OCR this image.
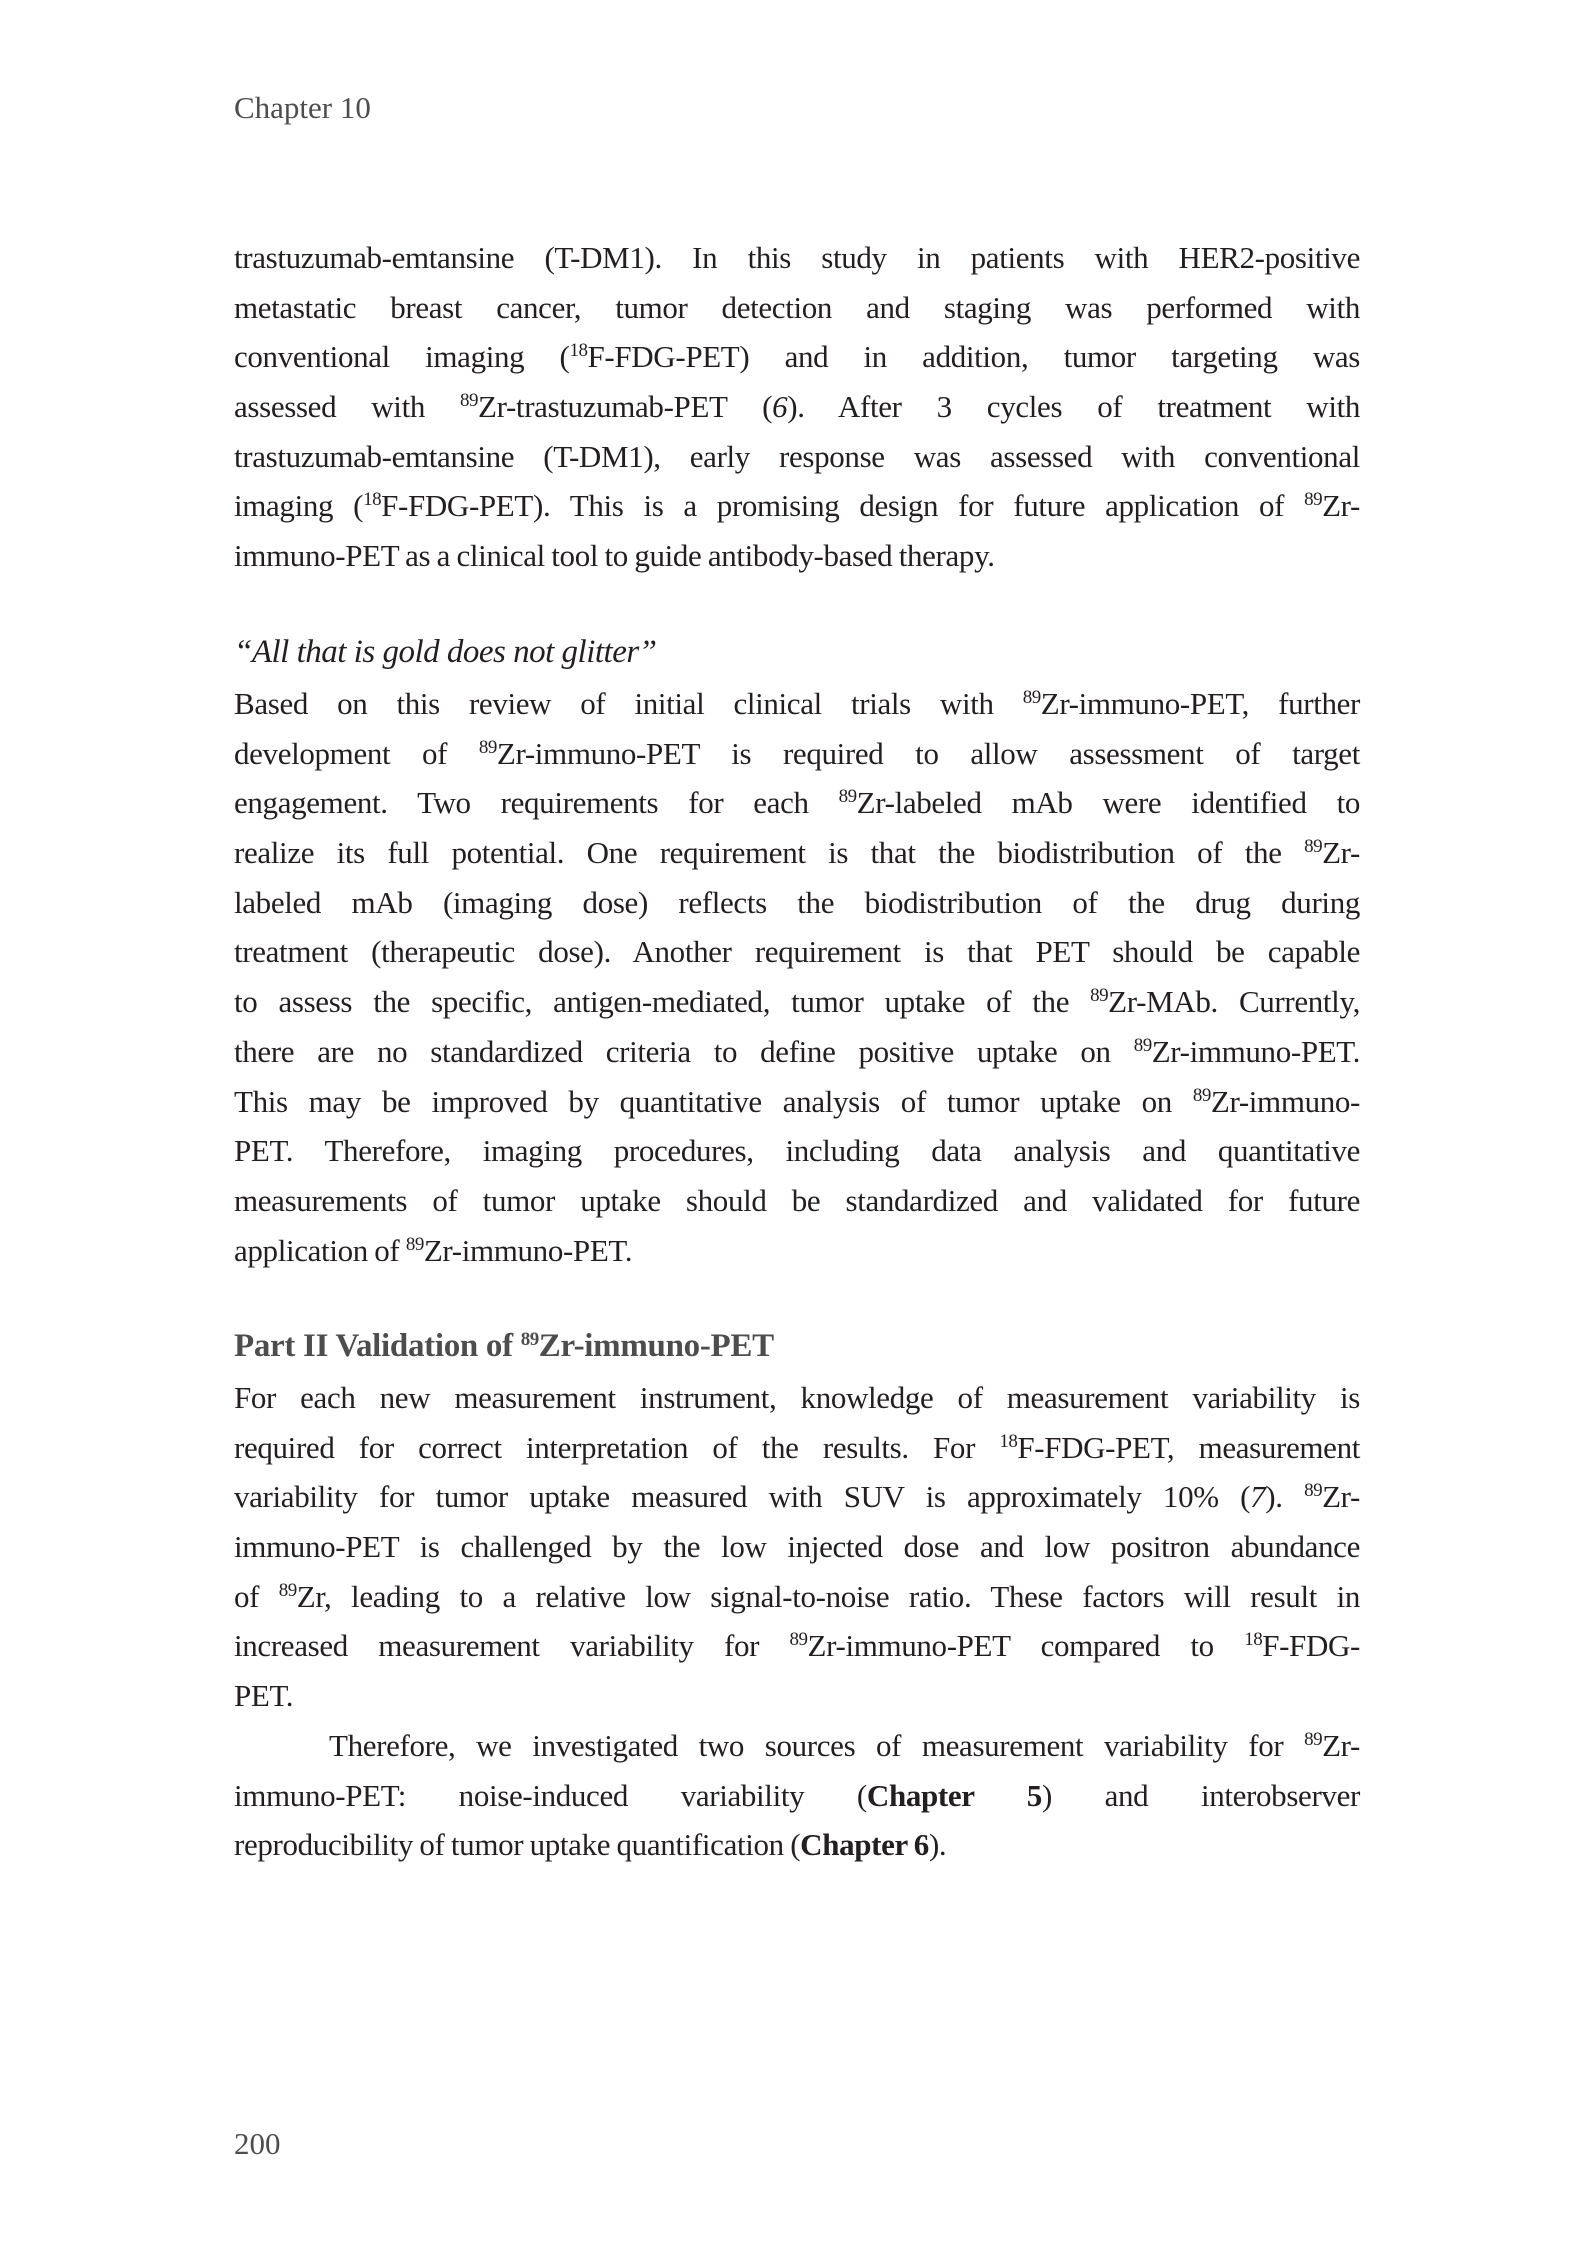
Chapter 10
trastuzumab-emtansine (T-DM1). In this study in patients with HER2-positive
metastatic breast cancer, tumor detection and staging was performed with
conventional imaging ($^{18}$F-FDG-PET) and in addition, tumor targeting was
assessed with $^{89}$Zr-trastuzumab-PET (6). After 3 cycles of treatment with
trastuzumab-emtansine (T-DM1), early response was assessed with conventional
imaging ($^{18}$F-FDG-PET). This is a promising design for future application of $^{89}$Zr-
immuno-PET as a clinical tool to guide antibody-based therapy.
“All that is gold does not glitter”
Based on this review of initial clinical trials with $^{89}$Zr-immuno-PET, further
development of $^{89}$Zr-immuno-PET is required to allow assessment of target
engagement. Two requirements for each $^{89}$Zr-labeled mAb were identified to
realize its full potential. One requirement is that the biodistribution of the $^{89}$Zr-
labeled mAb (imaging dose) reflects the biodistribution of the drug during
treatment (therapeutic dose). Another requirement is that PET should be capable
to assess the specific, antigen-mediated, tumor uptake of the $^{89}$Zr-MAb. Currently,
there are no standardized criteria to define positive uptake on $^{89}$Zr-immuno-PET.
This may be improved by quantitative analysis of tumor uptake on $^{89}$Zr-immuno-
PET. Therefore, imaging procedures, including data analysis and quantitative
measurements of tumor uptake should be standardized and validated for future
application of $^{89}$Zr-immuno-PET.
Part II Validation of $^{89}$Zr-immuno-PET
For each new measurement instrument, knowledge of measurement variability is
required for correct interpretation of the results. For $^{18}$F-FDG-PET, measurement
variability for tumor uptake measured with SUV is approximately 10% (7). $^{89}$Zr-
immuno-PET is challenged by the low injected dose and low positron abundance
of $^{89}$Zr, leading to a relative low signal-to-noise ratio. These factors will result in
increased measurement variability for $^{89}$Zr-immuno-PET compared to $^{18}$F-FDG-
PET.
Therefore, we investigated two sources of measurement variability for $^{89}$Zr-
immuno-PET: noise-induced variability (Chapter 5) and interobserver
reproducibility of tumor uptake quantification (Chapter 6).
200
